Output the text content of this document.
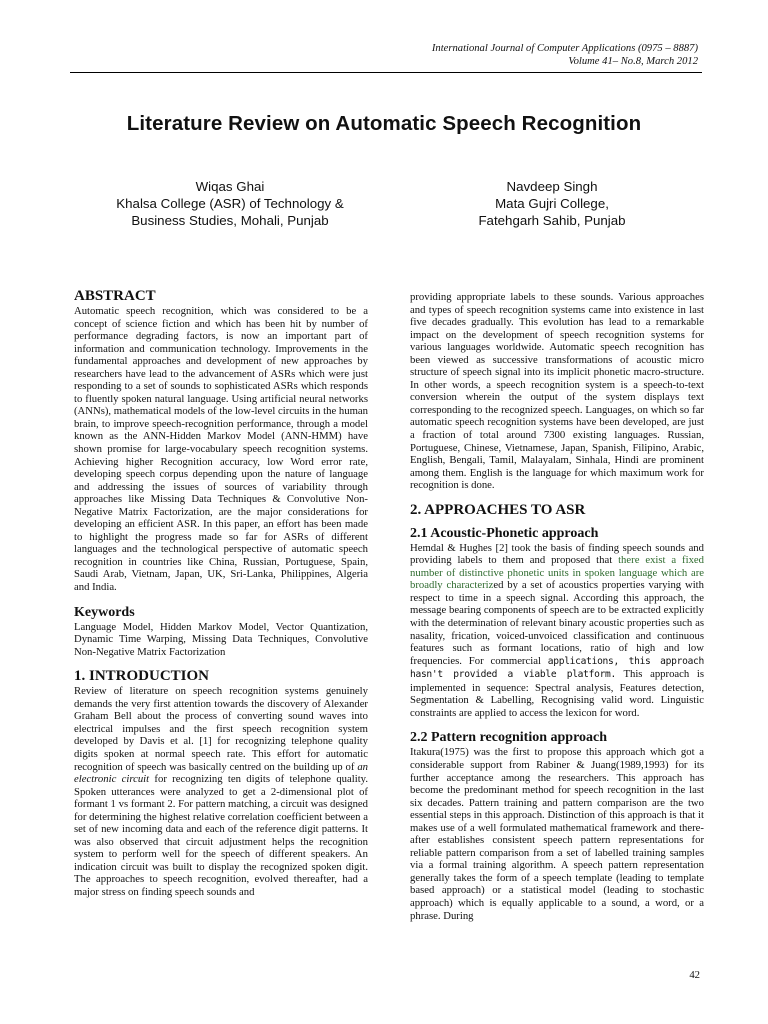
International Journal of Computer Applications (0975 – 8887)
Volume 41– No.8, March 2012
Literature Review on Automatic Speech Recognition
Wiqas Ghai
Khalsa College (ASR) of Technology &
Business Studies, Mohali, Punjab
Navdeep Singh
Mata Gujri College,
Fatehgarh Sahib, Punjab
ABSTRACT

Automatic speech recognition, which was considered to be a concept of science fiction and which has been hit by number of performance degrading factors, is now an important part of information and communication technology. Improvements in the fundamental approaches and development of new approaches by researchers have lead to the advancement of ASRs which were just responding to a set of sounds to sophisticated ASRs which responds to fluently spoken natural language. Using artificial neural networks (ANNs), mathematical models of the low-level circuits in the human brain, to improve speech-recognition performance, through a model known as the ANN-Hidden Markov Model (ANN-HMM) have shown promise for large-vocabulary speech recognition systems. Achieving higher Recognition accuracy, low Word error rate, developing speech corpus depending upon the nature of language and addressing the issues of sources of variability through approaches like Missing Data Techniques & Convolutive Non-Negative Matrix Factorization, are the major considerations for developing an efficient ASR. In this paper, an effort has been made to highlight the progress made so far for ASRs of different languages and the technological perspective of automatic speech recognition in countries like China, Russian, Portuguese, Spain, Saudi Arab, Vietnam, Japan, UK, Sri-Lanka, Philippines, Algeria and India.

Keywords

Language Model, Hidden Markov Model, Vector Quantization, Dynamic Time Warping, Missing Data Techniques, Convolutive Non-Negative Matrix Factorization

1. INTRODUCTION

Review of literature on speech recognition systems genuinely demands the very first attention towards the discovery of Alexander Graham Bell about the process of converting sound waves into electrical impulses and the first speech recognition system developed by Davis et al. [1] for recognizing telephone quality digits spoken at normal speech rate. This effort for automatic recognition of speech was basically centred on the building up of an electronic circuit for recognizing ten digits of telephone quality. Spoken utterances were analyzed to get a 2-dimensional plot of formant 1 vs formant 2. For pattern matching, a circuit was designed for determining the highest relative correlation coefficient between a set of new incoming data and each of the reference digit patterns. It was also observed that circuit adjustment helps the recognition system to perform well for the speech of different speakers. An indication circuit was built to display the recognized spoken digit. The approaches to speech recognition, evolved thereafter, had a major stress on finding speech sounds and

providing appropriate labels to these sounds. Various approaches and types of speech recognition systems came into existence in last five decades gradually. This evolution has lead to a remarkable impact on the development of speech recognition systems for various languages worldwide. Automatic speech recognition has been viewed as successive transformations of acoustic micro structure of speech signal into its implicit phonetic macro-structure. In other words, a speech recognition system is a speech-to-text conversion wherein the output of the system displays text corresponding to the recognized speech. Languages, on which so far automatic speech recognition systems have been developed, are just a fraction of total around 7300 existing languages. Russian, Portuguese, Chinese, Vietnamese, Japan, Spanish, Filipino, Arabic, English, Bengali, Tamil, Malayalam, Sinhala, Hindi are prominent among them. English is the language for which maximum work for recognition is done.

2. APPROACHES TO ASR
2.1 Acoustic-Phonetic approach

Hemdal & Hughes [2] took the basis of finding speech sounds and providing labels to them and proposed that there exist a fixed number of distinctive phonetic units in spoken language which are broadly characterized by a set of acoustics properties varying with respect to time in a speech signal. According this approach, the message bearing components of speech are to be extracted explicitly with the determination of relevant binary acoustic properties such as nasality, frication, voiced-unvoiced classification and continuous features such as formant locations, ratio of high and low frequencies. For commercial applications, this approach hasn't provided a viable platform. This approach is implemented in sequence: Spectral analysis, Features detection, Segmentation & Labelling, Recognising valid word. Linguistic constraints are applied to access the lexicon for word.

2.2 Pattern recognition approach

Itakura(1975) was the first to propose this approach which got a considerable support from Rabiner & Juang(1989,1993) for its further acceptance among the researchers. This approach has become the predominant method for speech recognition in the last six decades. Pattern training and pattern comparison are the two essential steps in this approach. Distinction of this approach is that it makes use of a well formulated mathematical framework and there-after establishes consistent speech pattern representations for reliable pattern comparison from a set of labelled training samples via a formal training algorithm. A speech pattern representation generally takes the form of a speech template (leading to template based approach) or a statistical model (leading to stochastic approach) which is equally applicable to a sound, a word, or a phrase. During

42
